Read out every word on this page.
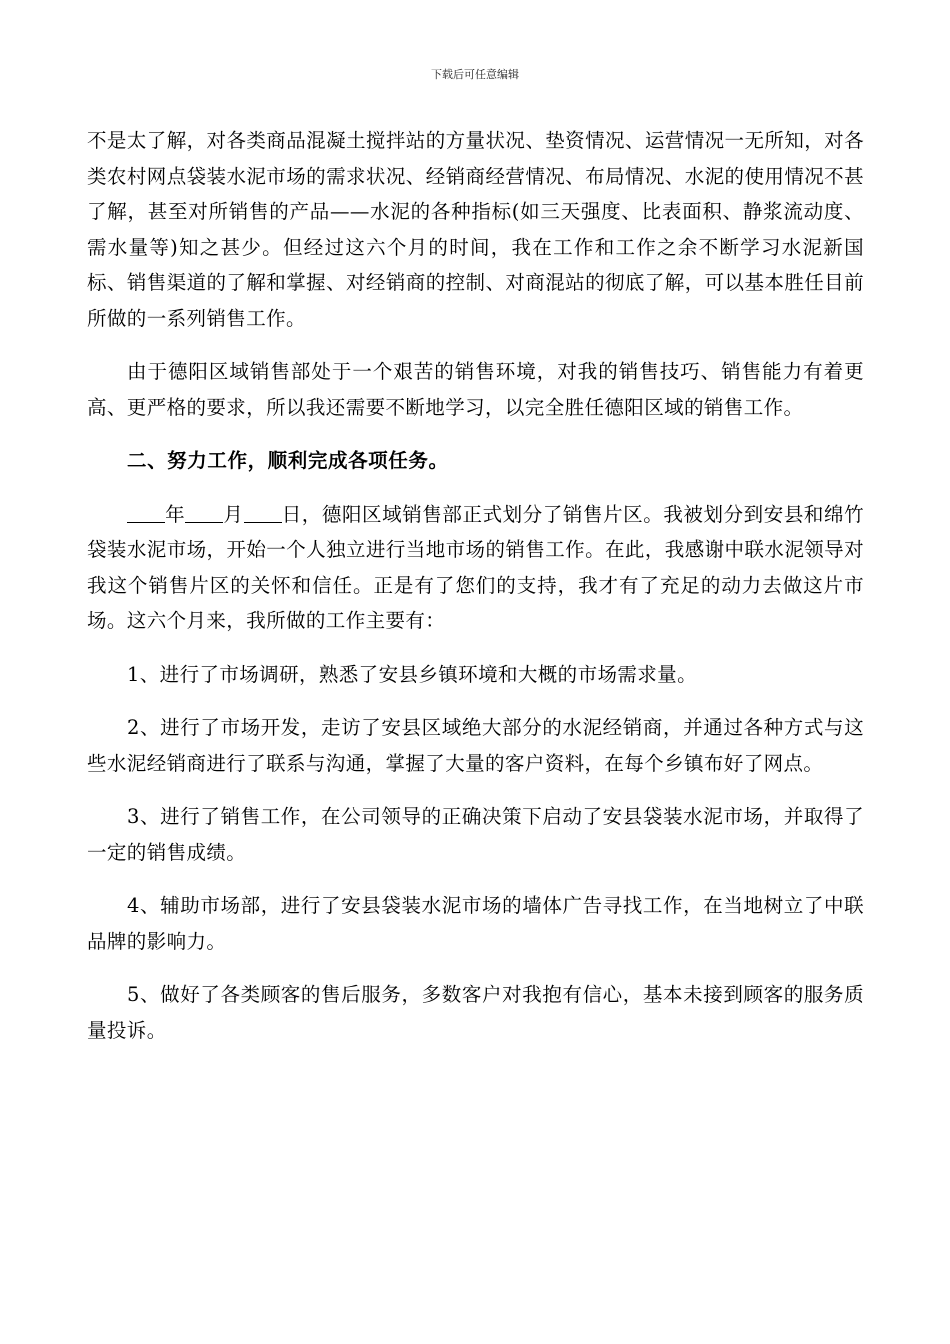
下载后可任意编辑

不是太了解，对各类商品混凝土搅拌站的方量状况、垫资情况、运营情况一无所知，对各类农村网点袋装水泥市场的需求状况、经销商经营情况、布局情况、水泥的使用情况不甚了解，甚至对所销售的产品——水泥的各种指标(如三天强度、比表面积、静浆流动度、需水量等)知之甚少。但经过这六个月的时间，我在工作和工作之余不断学习水泥新国标、销售渠道的了解和掌握、对经销商的控制、对商混站的彻底了解，可以基本胜任目前所做的一系列销售工作。

由于德阳区域销售部处于一个艰苦的销售环境，对我的销售技巧、销售能力有着更高、更严格的要求，所以我还需要不断地学习，以完全胜任德阳区域的销售工作。

二、努力工作，顺利完成各项任务。

年 月 日，德阳区域销售部正式划分了销售片区。我被划分到安县和绵竹袋装水泥市场，开始一个人独立进行当地市场的销售工作。在此，我感谢中联水泥领导对我这个销售片区的关怀和信任。正是有了您们的支持，我才有了充足的动力去做这片市场。这六个月来，我所做的工作主要有：

1、进行了市场调研，熟悉了安县乡镇环境和大概的市场需求量。

2、进行了市场开发，走访了安县区域绝大部分的水泥经销商，并通过各种方式与这些水泥经销商进行了联系与沟通，掌握了大量的客户资料，在每个乡镇布好了网点。

3、进行了销售工作，在公司领导的正确决策下启动了安县袋装水泥市场，并取得了一定的销售成绩。

4、辅助市场部，进行了安县袋装水泥市场的墙体广告寻找工作，在当地树立了中联品牌的影响力。

5、做好了各类顾客的售后服务，多数客户对我抱有信心，基本未接到顾客的服务质量投诉。
